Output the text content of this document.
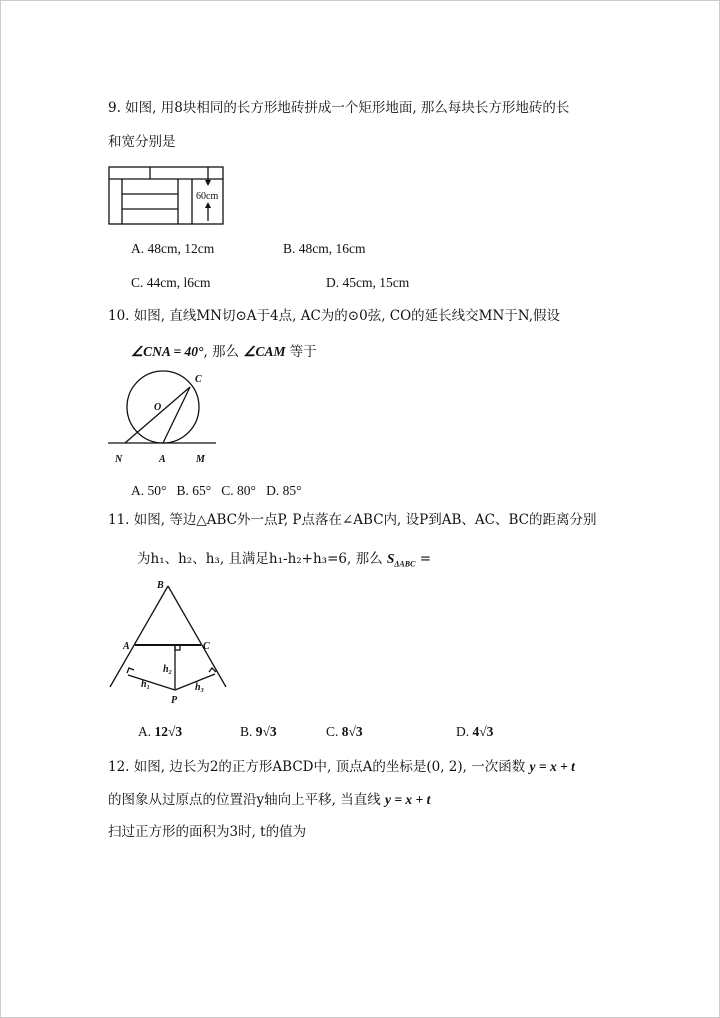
9. 如图, 用8块相同的长方形地砖拼成一个矩形地面, 那么每块长方形地砖的长
和宽分别是
60cm
A. 48cm, 12cm	B. 48cm, 16cm
C. 44cm, l6cm	D. 45cm, 15cm
10. 如图, 直线MN切⊙A于4点, AC为的⊙0弦, CO的延长线交MN于N,假设
∠CNA = 40°, 那么 ∠CAM 等于
C
O
N	A	M
A. 50°   B. 65°   C. 80°   D. 85°
11. 如图, 等边△ABC外一点P, P点落在∠ABC内, 设P到AB、AC、BC的距离分别
为h₁、h₂、h₃, 且满足h₁-h₂+h₃=6, 那么 $S_{\Delta ABC}$ =
B
A	C
P
h₂
h₁	h₃
A. 12√3	B. 9√3	C. 8√3	D. 4√3
12. 如图, 边长为2的正方形ABCD中, 顶点A的坐标是(0, 2), 一次函数 y = x + t
的图象从过原点的位置沿y轴向上平移, 当直线 y = x + t
扫过正方形的面积为3时, t的值为
